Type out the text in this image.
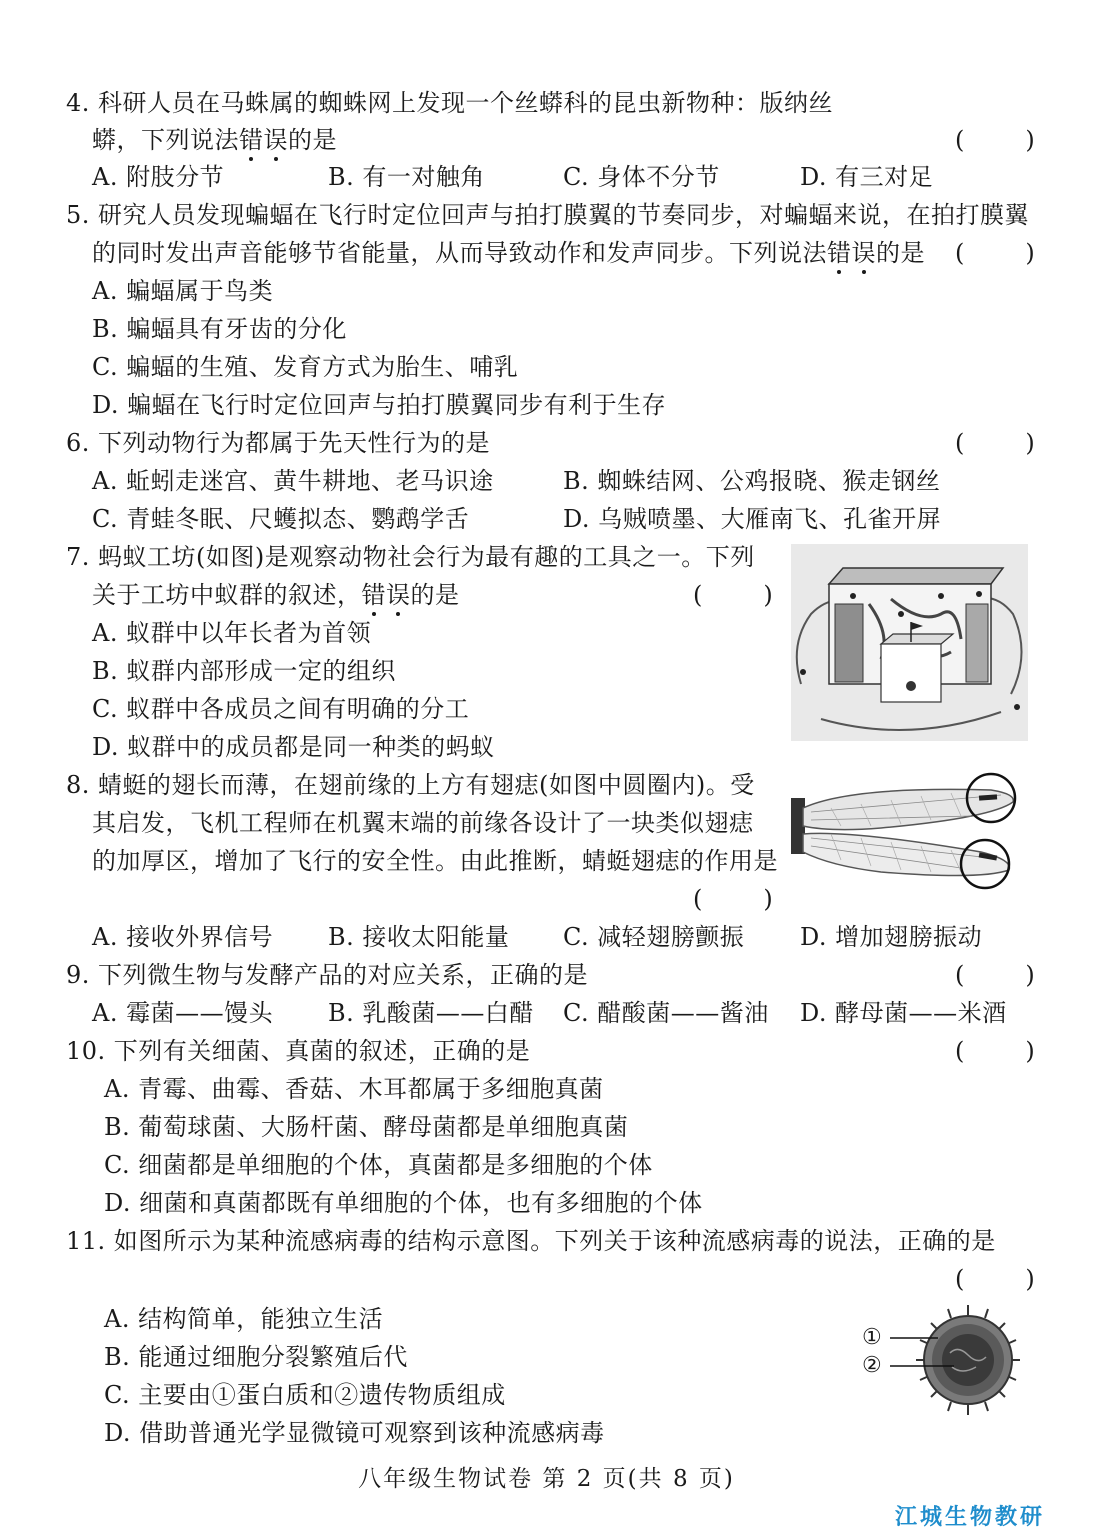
4. 科研人员在马蛛属的蜘蛛网上发现一个丝蟒科的昆虫新物种：版纳丝
蟒，下列说法错误的是	(        )
A. 附肢分节	B. 有一对触角	C. 身体不分节	D. 有三对足
5. 研究人员发现蝙蝠在飞行时定位回声与拍打膜翼的节奏同步，对蝙蝠来说，在拍打膜翼
的同时发出声音能够节省能量，从而导致动作和发声同步。下列说法错误的是 (        )
A. 蝙蝠属于鸟类
B. 蝙蝠具有牙齿的分化
C. 蝙蝠的生殖、发育方式为胎生、哺乳
D. 蝙蝠在飞行时定位回声与拍打膜翼同步有利于生存
6. 下列动物行为都属于先天性行为的是	(        )
A. 蚯蚓走迷宫、黄牛耕地、老马识途	B. 蜘蛛结网、公鸡报晓、猴走钢丝
C. 青蛙冬眠、尺蠖拟态、鹦鹉学舌	D. 乌贼喷墨、大雁南飞、孔雀开屏
7. 蚂蚁工坊(如图)是观察动物社会行为最有趣的工具之一。下列
关于工坊中蚁群的叙述，错误的是	(        )
A. 蚁群中以年长者为首领
B. 蚁群内部形成一定的组织
C. 蚁群中各成员之间有明确的分工
D. 蚁群中的成员都是同一种类的蚂蚁
8. 蜻蜓的翅长而薄，在翅前缘的上方有翅痣(如图中圆圈内)。受
其启发，飞机工程师在机翼末端的前缘各设计了一块类似翅痣
的加厚区，增加了飞行的安全性。由此推断，蜻蜓翅痣的作用是
(        )
A. 接收外界信号 B. 接收太阳能量 C. 减轻翅膀颤振 D. 增加翅膀振动
9. 下列微生物与发酵产品的对应关系，正确的是	(        )
A. 霉菌——馒头 B. 乳酸菌——白醋 C. 醋酸菌——酱油 D. 酵母菌——米酒
10. 下列有关细菌、真菌的叙述，正确的是	(        )
A. 青霉、曲霉、香菇、木耳都属于多细胞真菌
B. 葡萄球菌、大肠杆菌、酵母菌都是单细胞真菌
C. 细菌都是单细胞的个体，真菌都是多细胞的个体
D. 细菌和真菌都既有单细胞的个体，也有多细胞的个体
11. 如图所示为某种流感病毒的结构示意图。下列关于该种流感病毒的说法，正确的是
(        )
A. 结构简单，能独立生活
B. 能通过细胞分裂繁殖后代
C. 主要由①蛋白质和②遗传物质组成
D. 借助普通光学显微镜可观察到该种流感病毒
①
②
八年级生物试卷 第 2 页(共 8 页)
江城生物教研
